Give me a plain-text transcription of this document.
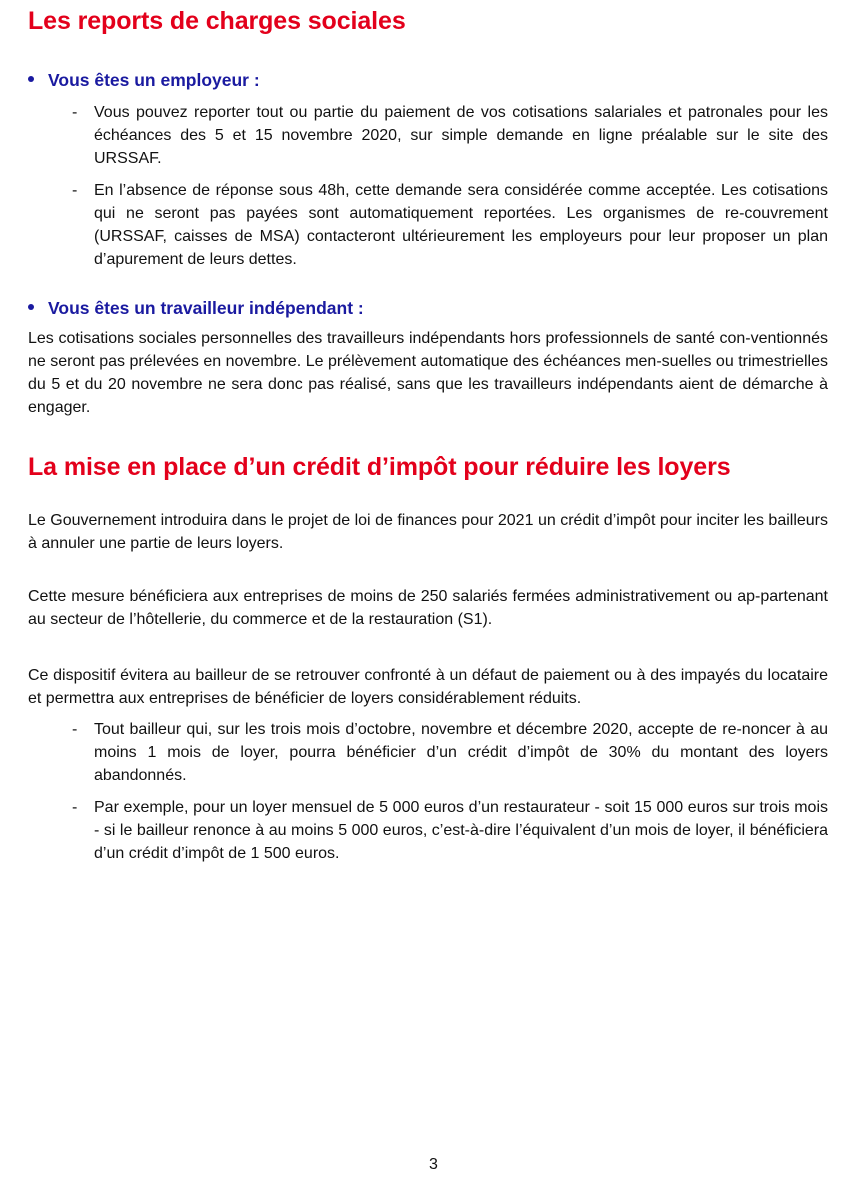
Les reports de charges sociales
Vous êtes un employeur :
- Vous pouvez reporter tout ou partie du paiement de vos cotisations salariales et patronales pour les échéances des 5 et 15 novembre 2020, sur simple demande en ligne préalable sur le site des URSSAF.
- En l’absence de réponse sous 48h, cette demande sera considérée comme acceptée. Les cotisations qui ne seront pas payées sont automatiquement reportées. Les organismes de re-couvrement (URSSAF, caisses de MSA) contacteront ultérieurement les employeurs pour leur proposer un plan d’apurement de leurs dettes.
Vous êtes un travailleur indépendant :

Les cotisations sociales personnelles des travailleurs indépendants hors professionnels de santé con-ventionnés ne seront pas prélevées en novembre. Le prélèvement automatique des échéances men-suelles ou trimestrielles du 5 et du 20 novembre ne sera donc pas réalisé, sans que les travailleurs indépendants aient de démarche à engager.

La mise en place d’un crédit d’impôt pour réduire les loyers

Le Gouvernement introduira dans le projet de loi de finances pour 2021 un crédit d’impôt pour inciter les bailleurs à annuler une partie de leurs loyers.

Cette mesure bénéficiera aux entreprises de moins de 250 salariés fermées administrativement ou ap-partenant au secteur de l’hôtellerie, du commerce et de la restauration (S1).

Ce dispositif évitera au bailleur de se retrouver confronté à un défaut de paiement ou à des impayés du locataire et permettra aux entreprises de bénéficier de loyers considérablement réduits.

- Tout bailleur qui, sur les trois mois d’octobre, novembre et décembre 2020, accepte de re-noncer à au moins 1 mois de loyer, pourra bénéficier d’un crédit d’impôt de 30% du montant des loyers abandonnés.
- Par exemple, pour un loyer mensuel de 5 000 euros d’un restaurateur - soit 15 000 euros sur trois mois - si le bailleur renonce à au moins 5 000 euros, c’est-à-dire l’équivalent d’un mois de loyer, il bénéficiera d’un crédit d’impôt de 1 500 euros.
3
